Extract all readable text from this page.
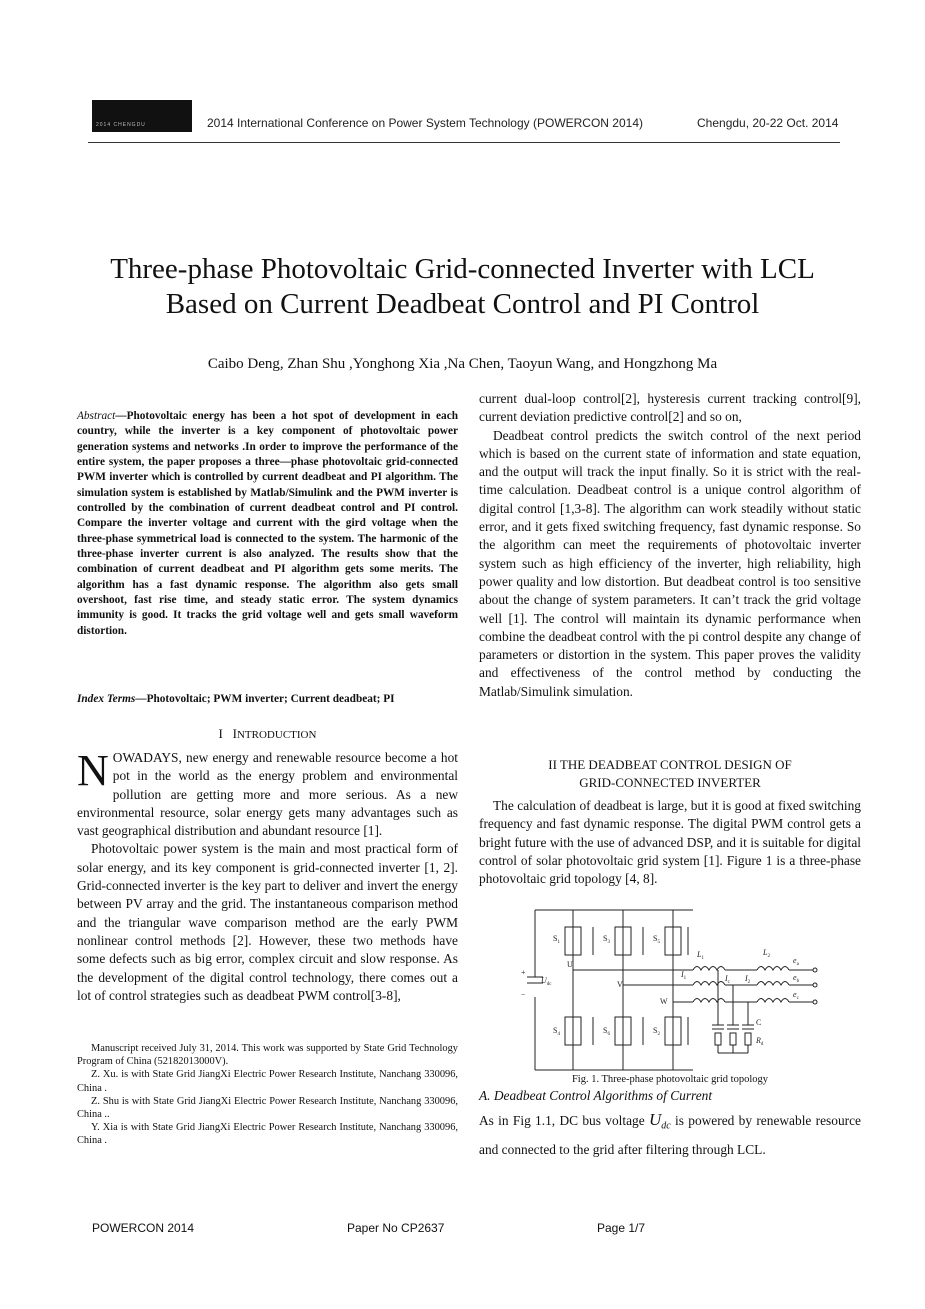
2014 CHENGDU	2014 International Conference on Power System Technology (POWERCON 2014)	Chengdu, 20-22 Oct. 2014
Three-phase Photovoltaic Grid-connected Inverter with LCL
Based on Current Deadbeat Control and PI Control
Caibo Deng, Zhan Shu ,Yonghong Xia ,Na Chen, Taoyun Wang, and Hongzhong Ma
Abstract—Photovoltaic energy has been a hot spot of development in each country, while the inverter is a key component of photovoltaic power generation systems and networks .In order to improve the performance of the entire system, the paper proposes a three—phase photovoltaic grid-connected PWM inverter which is controlled by current deadbeat and PI algorithm. The simulation system is established by Matlab/Simulink and the PWM inverter is controlled by the combination of current deadbeat control and PI control. Compare the inverter voltage and current with the gird voltage when the three-phase symmetrical load is connected to the system. The harmonic of the three-phase inverter current is also analyzed. The results show that the combination of current deadbeat and PI algorithm gets some merits. The algorithm has a fast dynamic response. The algorithm also gets small overshoot, fast rise time, and steady static error. The system dynamics immunity is good. It tracks the grid voltage well and gets small waveform distortion.
Index Terms—Photovoltaic; PWM inverter; Current deadbeat; PI
I INTRODUCTION

NOWADAYS, new energy and renewable resource become a hot pot in the world as the energy problem and environmental pollution are getting more and more serious. As a new environmental resource, solar energy gets many advantages such as vast geographical distribution and abundant resource [1].

Photovoltaic power system is the main and most practical form of solar energy, and its key component is grid-connected inverter [1, 2]. Grid-connected inverter is the key part to deliver and invert the energy between PV array and the grid. The instantaneous comparison method and the triangular wave comparison method are the early PWM nonlinear control methods [2]. However, these two methods have some defects such as big error, complex circuit and slow response. As the development of the digital control technology, there comes out a lot of control strategies such as deadbeat PWM control[3-8],

Manuscript received July 31, 2014. This work was supported by State Grid Technology Program of China (52182013000V).

Z. Xu. is with State Grid JiangXi Electric Power Research Institute, Nanchang 330096, China .

Z. Shu is with State Grid JiangXi Electric Power Research Institute, Nanchang 330096, China ..

Y. Xia is with State Grid JiangXi Electric Power Research Institute, Nanchang 330096, China .

current dual-loop control[2], hysteresis current tracking control[9], current deviation predictive control[2] and so on,

Deadbeat control predicts the switch control of the next period which is based on the current state of information and state equation, and the output will track the input finally. So it is strict with the real-time calculation. Deadbeat control is a unique control algorithm of digital control [1,3-8]. The algorithm can work steadily without static error, and it gets fixed switching frequency, fast dynamic response. So the algorithm can meet the requirements of photovoltaic inverter system such as high efficiency of the inverter, high reliability, high power quality and low distortion. But deadbeat control is too sensitive about the change of system parameters. It can’t track the grid voltage well [1]. The control will maintain its dynamic performance when combine the deadbeat control with the pi control despite any change of parameters or distortion in the system. This paper proves the validity and effectiveness of the control method by conducting the Matlab/Simulink simulation.

II THE DEADBEAT CONTROL DESIGN OF
GRID-CONNECTED INVERTER

The calculation of deadbeat is large, but it is good at fixed switching frequency and fast dynamic response. The digital PWM control gets a bright future with the use of advanced DSP, and it is suitable for digital control of solar photovoltaic grid system [1]. Figure 1 is a three-phase photovoltaic grid topology [4, 8].

$S_1$	$S_3$	$S_5$
$S_4$	$S_6$	$S_2$
U
V
W
$U_{dc}$
+
−
$L_1$
$L_2$
$I_1$	$I_c$ $I_2$
$e_a$
$e_b$
$e_c$
C
$R_d$
Fig. 1. Three-phase photovoltaic grid topology
A. Deadbeat Control Algorithms of Current
As in Fig 1.1, DC bus voltage $U_{dc}$ is powered by renewable resource and connected to the grid after filtering through LCL.
POWERCON 2014	Paper No CP2637	Page 1/7
